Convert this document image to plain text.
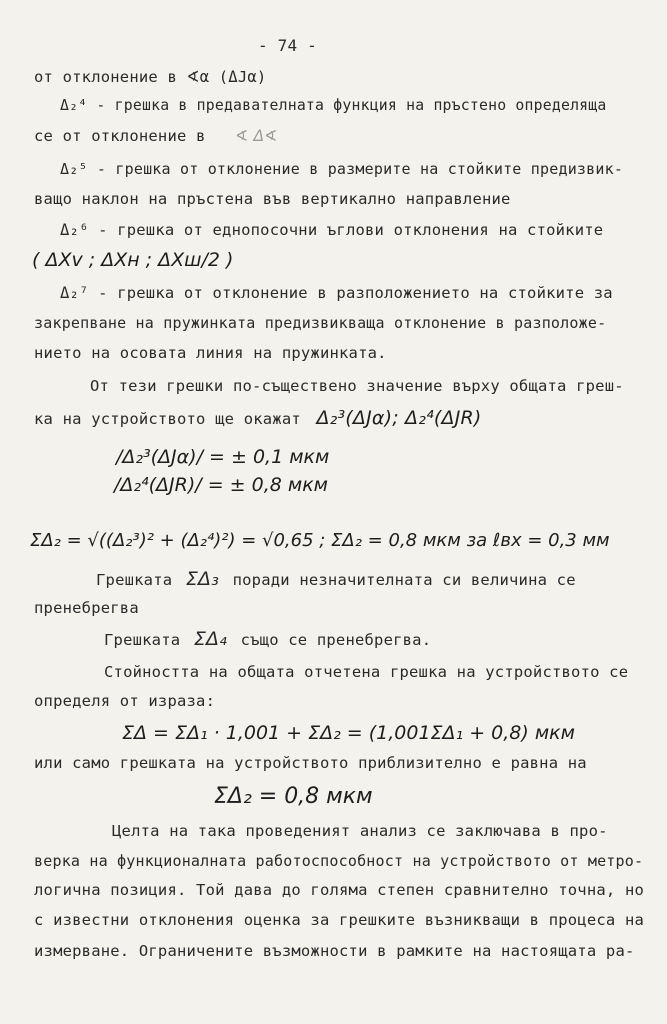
- 74 -
от отклонение в ∢α (ΔJα)
Δ₂⁴ - грешка в предавателната функция на пръстено определяща
се от отклонение в ∢ Δ∢
Δ₂⁵ - грешка от отклонение в размерите на стойките предизвик-
ващо наклон на пръстена във вертикално направление
Δ₂⁶ - грешка от еднопосочни ъглови отклонения на стойките
( ΔXv ; ΔXн ; ΔXш/2 )
Δ₂⁷ - грешка от отклонение в разположението на стойките за
закрепване на пружинката предизвикваща отклонение в разположе-
нието на осовата линия на пружинката.
От тези грешки по-съществено значение върху общата греш-
ка на устройството ще окажат Δ₂³(ΔJα); Δ₂⁴(ΔJR)
/Δ₂³(ΔJα)/ = ± 0,1 мкм
/Δ₂⁴(ΔJR)/ = ± 0,8 мкм
ΣΔ₂ = √((Δ₂³)² + (Δ₂⁴)²) = √0,65 ; ΣΔ₂ = 0,8 мкм за ℓвх = 0,3 мм
Грешката ΣΔ₃ поради незначителната си величина се
пренебрегва
Грешката ΣΔ₄ също се пренебрегва.
Стойността на общата отчетена грешка на устройството се
определя от израза:
ΣΔ = ΣΔ₁ · 1,001 + ΣΔ₂ = (1,001ΣΔ₁ + 0,8) мкм
или само грешката на устройството приблизително е равна на
ΣΔ₂ = 0,8 мкм
Целта на така проведеният анализ се заключава в про-
верка на функционалната работоспособност на устройството от метро-
логична позиция. Той дава до голяма степен сравнително точна, но
с известни отклонения оценка за грешките възникващи в процеса на
измерване. Ограничените възможности в рамките на настоящата ра-
